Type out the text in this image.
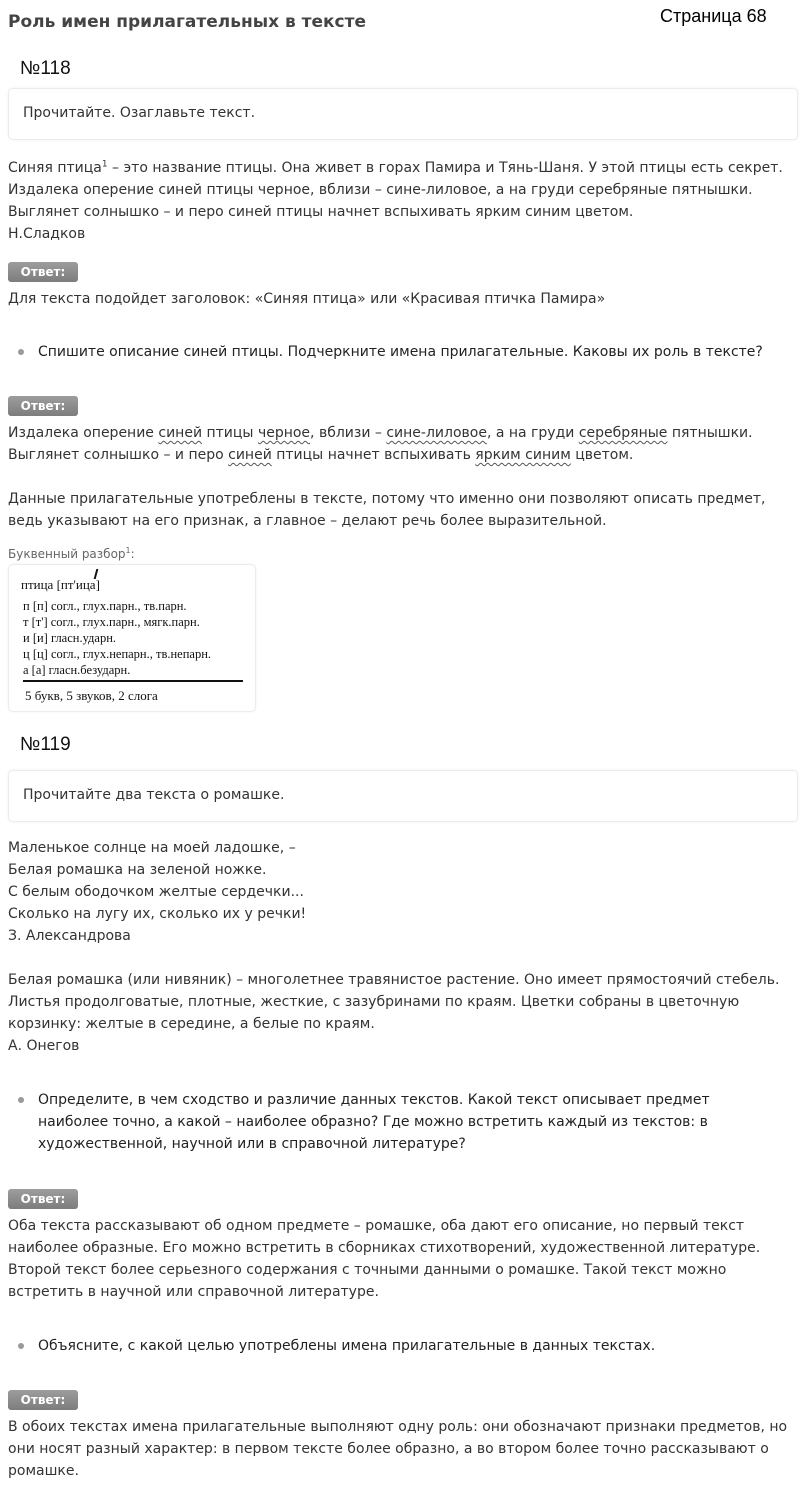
Роль имен прилагательных в тексте	Страница 68
№118
Прочитайте. Озаглавьте текст.
Синяя птица$^1$ – это название птицы. Она живет в горах Памира и Тянь-Шаня. У этой птицы есть секрет.
Издалека оперение синей птицы черное, вблизи – сине-лиловое, а на груди серебряные пятнышки.
Выглянет солнышко – и перо синей птицы начнет вспыхивать ярким синим цветом.
Н.Сладков
Ответ:
Для текста подойдет заголовок: «Синяя птица» или «Красивая птичка Памира»
Спишите описание синей птицы. Подчеркните имена прилагательные. Каковы их роль в тексте?
Ответ:
Издалека оперение синей птицы черное, вблизи – сине-лиловое, а на груди серебряные пятнышки.
Выглянет солнышко – и перо синей птицы начнет вспыхивать ярким синим цветом.
Данные прилагательные употреблены в тексте, потому что именно они позволяют описать предмет,
ведь указывают на его признак, а главное – делают речь более выразительной.
Буквенный разбор$^1$:
птица [пт'ица]
п [п] согл., глух.парн., тв.парн.
т [т'] согл., глух.парн., мягк.парн.
и [и] гласн.ударн.
ц [ц] согл., глух.непарн., тв.непарн.
а [а] гласн.безударн.
5 букв, 5 звуков, 2 слога
№119
Прочитайте два текста о ромашке.
Маленькое солнце на моей ладошке, –
Белая ромашка на зеленой ножке.
С белым ободочком желтые сердечки...
Сколько на лугу их, сколько их у речки!
З. Александрова
Белая ромашка (или нивяник) – многолетнее травянистое растение. Оно имеет прямостоячий стебель.
Листья продолговатые, плотные, жесткие, с зазубринами по краям. Цветки собраны в цветочную
корзинку: желтые в середине, а белые по краям.
А. Онегов
Определите, в чем сходство и различие данных текстов. Какой текст описывает предмет
наиболее точно, а какой – наиболее образно? Где можно встретить каждый из текстов: в
художественной, научной или в справочной литературе?
Ответ:
Оба текста рассказывают об одном предмете – ромашке, оба дают его описание, но первый текст
наиболее образные. Его можно встретить в сборниках стихотворений, художественной литературе.
Второй текст более серьезного содержания с точными данными о ромашке. Такой текст можно
встретить в научной или справочной литературе.
Объясните, с какой целью употреблены имена прилагательные в данных текстах.
Ответ:
В обоих текстах имена прилагательные выполняют одну роль: они обозначают признаки предметов, но
они носят разный характер: в первом тексте более образно, а во втором более точно рассказывают о
ромашке.
